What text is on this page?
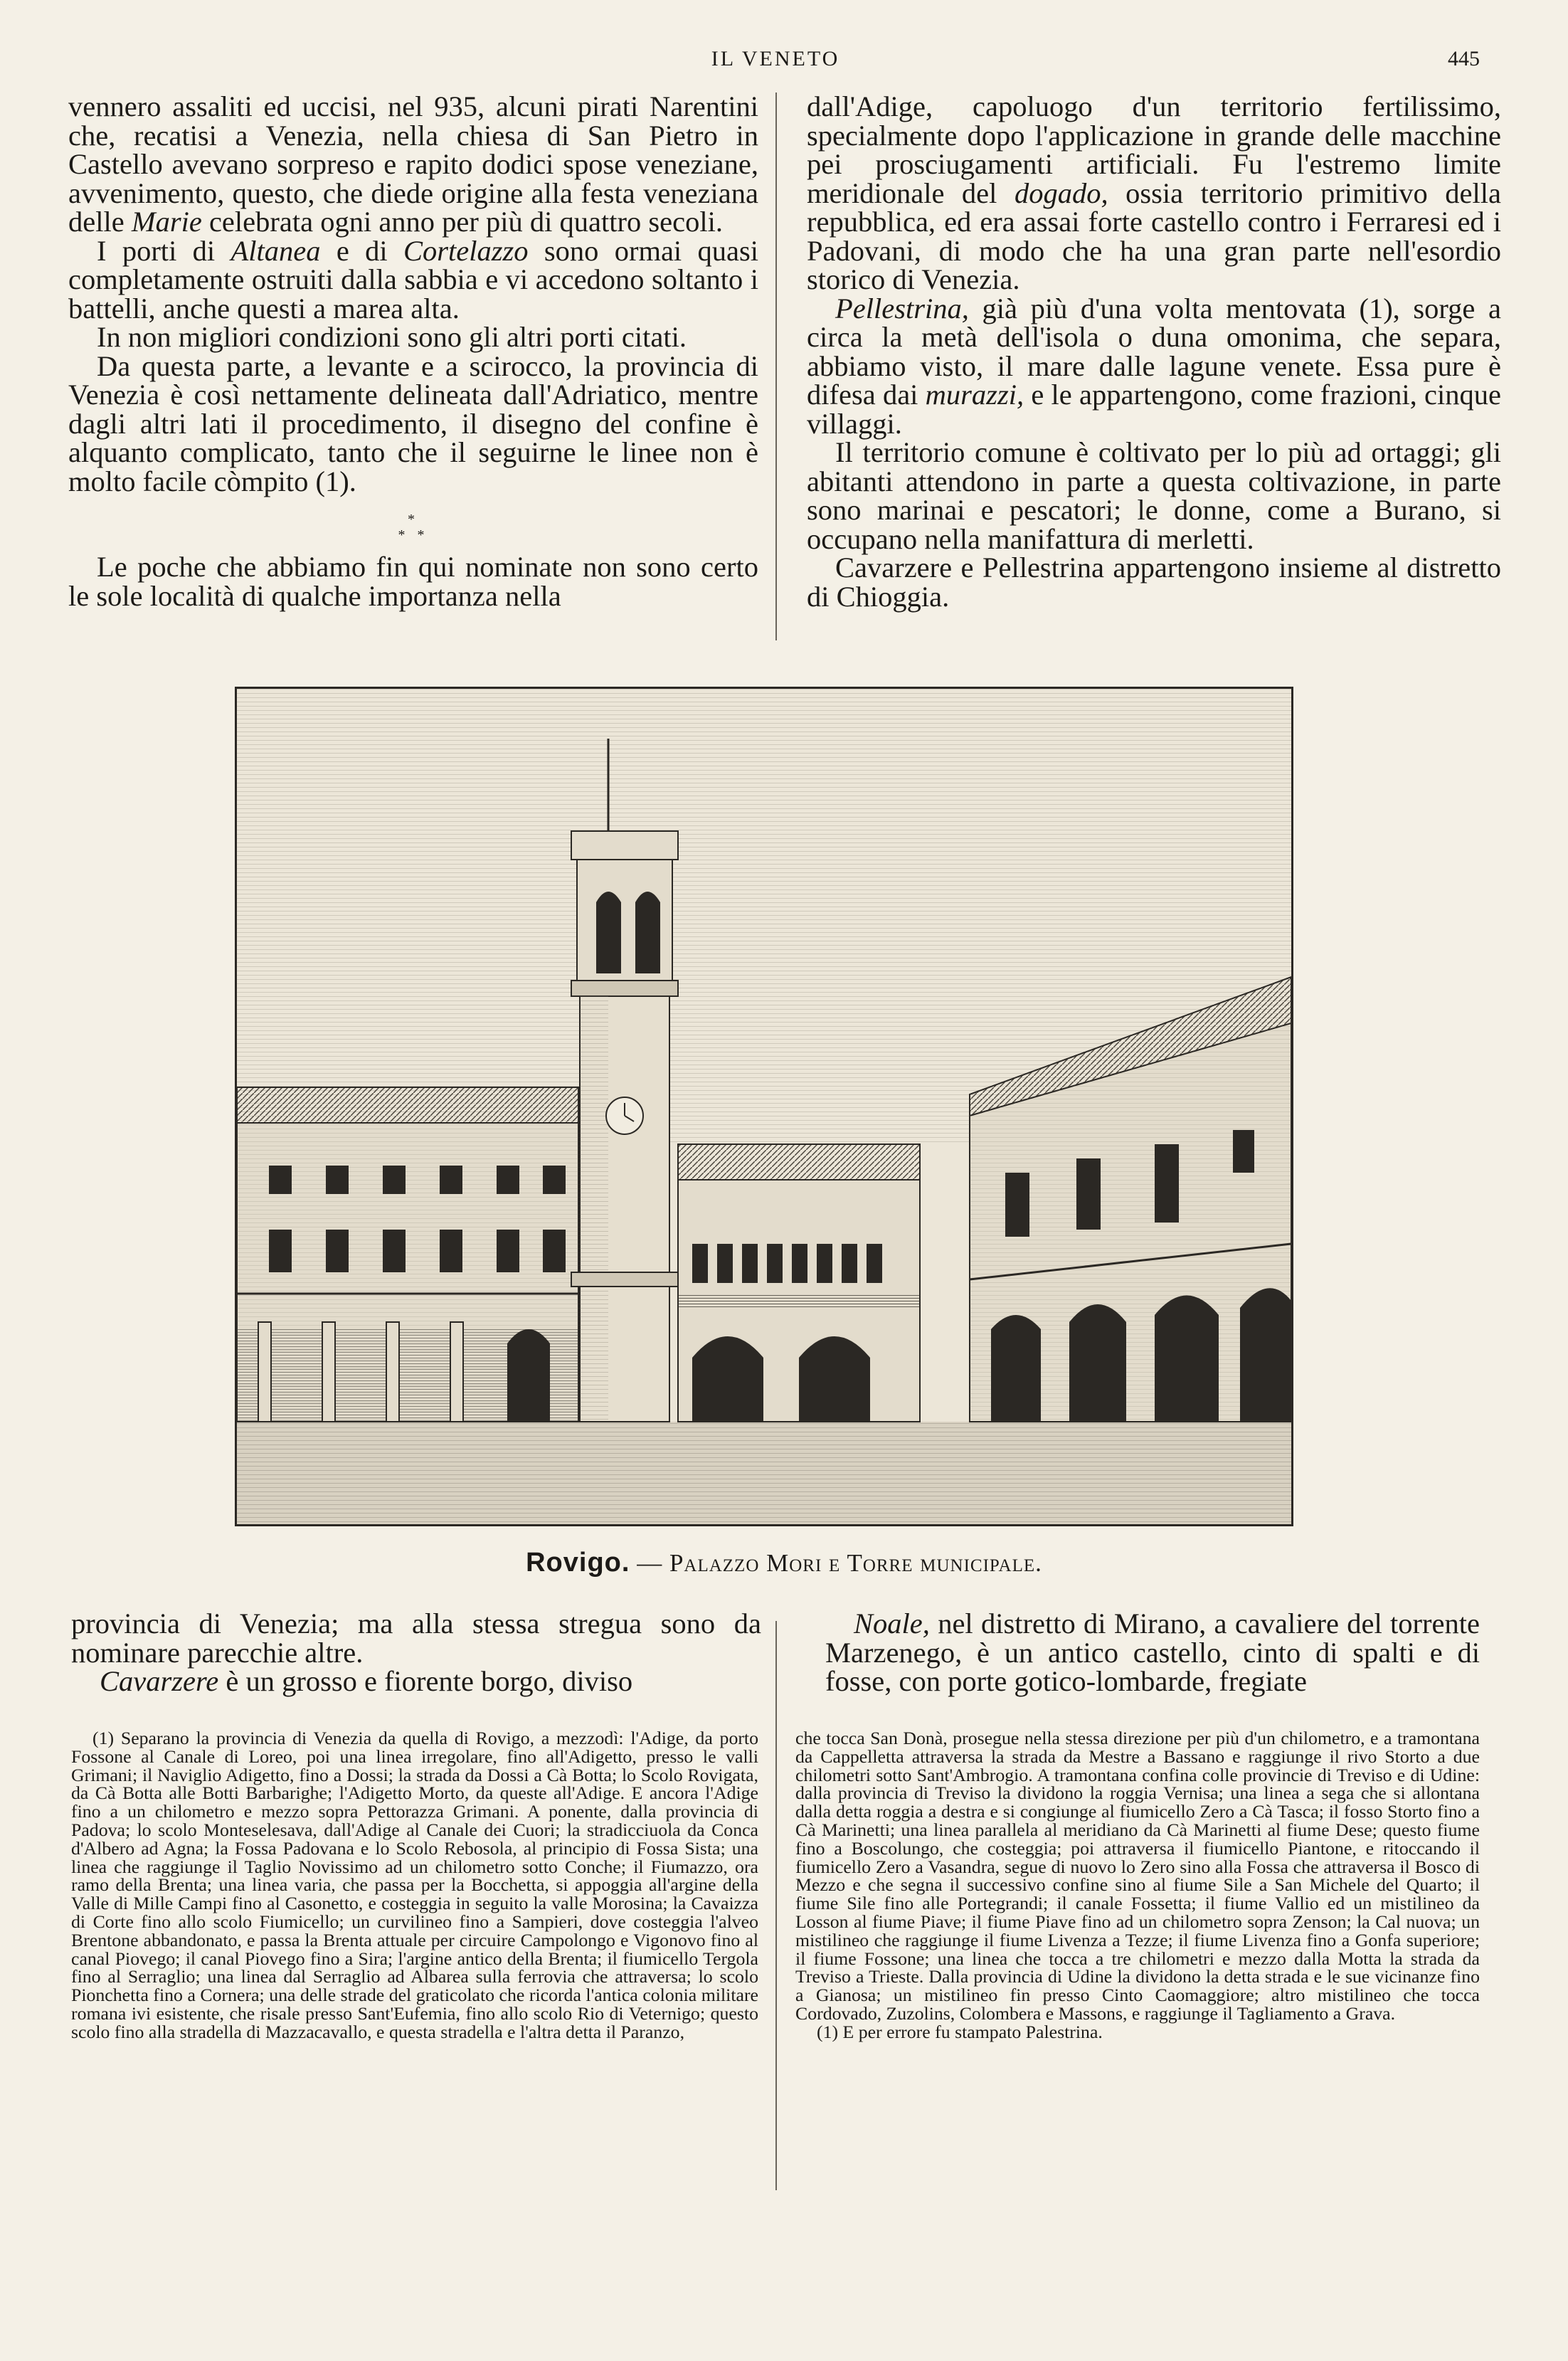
IL VENETO	445

vennero assaliti ed uccisi, nel 935, alcuni pirati Narentini che, recatisi a Venezia, nella chiesa di San Pietro in Castello avevano sorpreso e rapito dodici spose veneziane, avvenimento, questo, che diede origine alla festa veneziana delle Marie celebrata ogni anno per più di quattro secoli.

I porti di Altanea e di Cortelazzo sono ormai quasi completamente ostruiti dalla sabbia e vi accedono soltanto i battelli, anche questi a marea alta.

In non migliori condizioni sono gli altri porti citati.

Da questa parte, a levante e a scirocco, la provincia di Venezia è così nettamente delineata dall'Adriatico, mentre dagli altri lati il procedimento, il disegno del confine è alquanto complicato, tanto che il seguirne le linee non è molto facile còmpito (1).

*
* *

Le poche che abbiamo fin qui nominate non sono certo le sole località di qualche importanza nella

dall'Adige, capoluogo d'un territorio fertilissimo, specialmente dopo l'applicazione in grande delle macchine pei prosciugamenti artificiali. Fu l'estremo limite meridionale del dogado, ossia territorio primitivo della repubblica, ed era assai forte castello contro i Ferraresi ed i Padovani, di modo che ha una gran parte nell'esordio storico di Venezia.

Pellestrina, già più d'una volta mentovata (1), sorge a circa la metà dell'isola o duna omonima, che separa, abbiamo visto, il mare dalle lagune venete. Essa pure è difesa dai murazzi, e le appartengono, come frazioni, cinque villaggi.

Il territorio comune è coltivato per lo più ad ortaggi; gli abitanti attendono in parte a questa coltivazione, in parte sono marinai e pescatori; le donne, come a Burano, si occupano nella manifattura di merletti.

Cavarzere e Pellestrina appartengono insieme al distretto di Chioggia.

Rovigo. — Palazzo Mori e Torre municipale.

provincia di Venezia; ma alla stessa stregua sono da nominare parecchie altre.

Cavarzere è un grosso e fiorente borgo, diviso

Noale, nel distretto di Mirano, a cavaliere del torrente Marzenego, è un antico castello, cinto di spalti e di fosse, con porte gotico-lombarde, fregiate

(1) Separano la provincia di Venezia da quella di Rovigo, a mezzodì: l'Adige, da porto Fossone al Canale di Loreo, poi una linea irregolare, fino all'Adigetto, presso le valli Grimani; il Naviglio Adigetto, fino a Dossi; la strada da Dossi a Cà Botta; lo Scolo Rovigata, da Cà Botta alle Botti Barbarighe; l'Adigetto Morto, da queste all'Adige. E ancora l'Adige fino a un chilometro e mezzo sopra Pettorazza Grimani. A ponente, dalla provincia di Padova; lo scolo Monteselesava, dall'Adige al Canale dei Cuori; la stradicciuola da Conca d'Albero ad Agna; la Fossa Padovana e lo Scolo Rebosola, al principio di Fossa Sista; una linea che raggiunge il Taglio Novissimo ad un chilometro sotto Conche; il Fiumazzo, ora ramo della Brenta; una linea varia, che passa per la Bocchetta, si appoggia all'argine della Valle di Mille Campi fino al Casonetto, e costeggia in seguito la valle Morosina; la Cavaizza di Corte fino allo scolo Fiumicello; un curvilineo fino a Sampieri, dove costeggia l'alveo Brentone abbandonato, e passa la Brenta attuale per circuire Campolongo e Vigonovo fino al canal Piovego; il canal Piovego fino a Sira; l'argine antico della Brenta; il fiumicello Tergola fino al Serraglio; una linea dal Serraglio ad Albarea sulla ferrovia che attraversa; lo scolo Pionchetta fino a Cornera; una delle strade del graticolato che ricorda l'antica colonia militare romana ivi esistente, che risale presso Sant'Eufemia, fino allo scolo Rio di Veternigo; questo scolo fino alla stradella di Mazzacavallo, e questa stradella e l'altra detta il Paranzo,

che tocca San Donà, prosegue nella stessa direzione per più d'un chilometro, e a tramontana da Cappelletta attraversa la strada da Mestre a Bassano e raggiunge il rivo Storto a due chilometri sotto Sant'Ambrogio. A tramontana confina colle provincie di Treviso e di Udine: dalla provincia di Treviso la dividono la roggia Vernisa; una linea a sega che si allontana dalla detta roggia a destra e si congiunge al fiumicello Zero a Cà Tasca; il fosso Storto fino a Cà Marinetti; una linea parallela al meridiano da Cà Marinetti al fiume Dese; questo fiume fino a Boscolungo, che costeggia; poi attraversa il fiumicello Piantone, e ritoccando il fiumicello Zero a Vasandra, segue di nuovo lo Zero sino alla Fossa che attraversa il Bosco di Mezzo e che segna il successivo confine sino al fiume Sile a San Michele del Quarto; il fiume Sile fino alle Portegrandi; il canale Fossetta; il fiume Vallio ed un mistilineo da Losson al fiume Piave; il fiume Piave fino ad un chilometro sopra Zenson; la Cal nuova; un mistilineo che raggiunge il fiume Livenza a Tezze; il fiume Livenza fino a Gonfa superiore; il fiume Fossone; una linea che tocca a tre chilometri e mezzo dalla Motta la strada da Treviso a Trieste. Dalla provincia di Udine la dividono la detta strada e le sue vicinanze fino a Gianosa; un mistilineo fin presso Cinto Caomaggiore; altro mistilineo che tocca Cordovado, Zuzolins, Colombera e Massons, e raggiunge il Tagliamento a Grava.

(1) E per errore fu stampato Palestrina.
